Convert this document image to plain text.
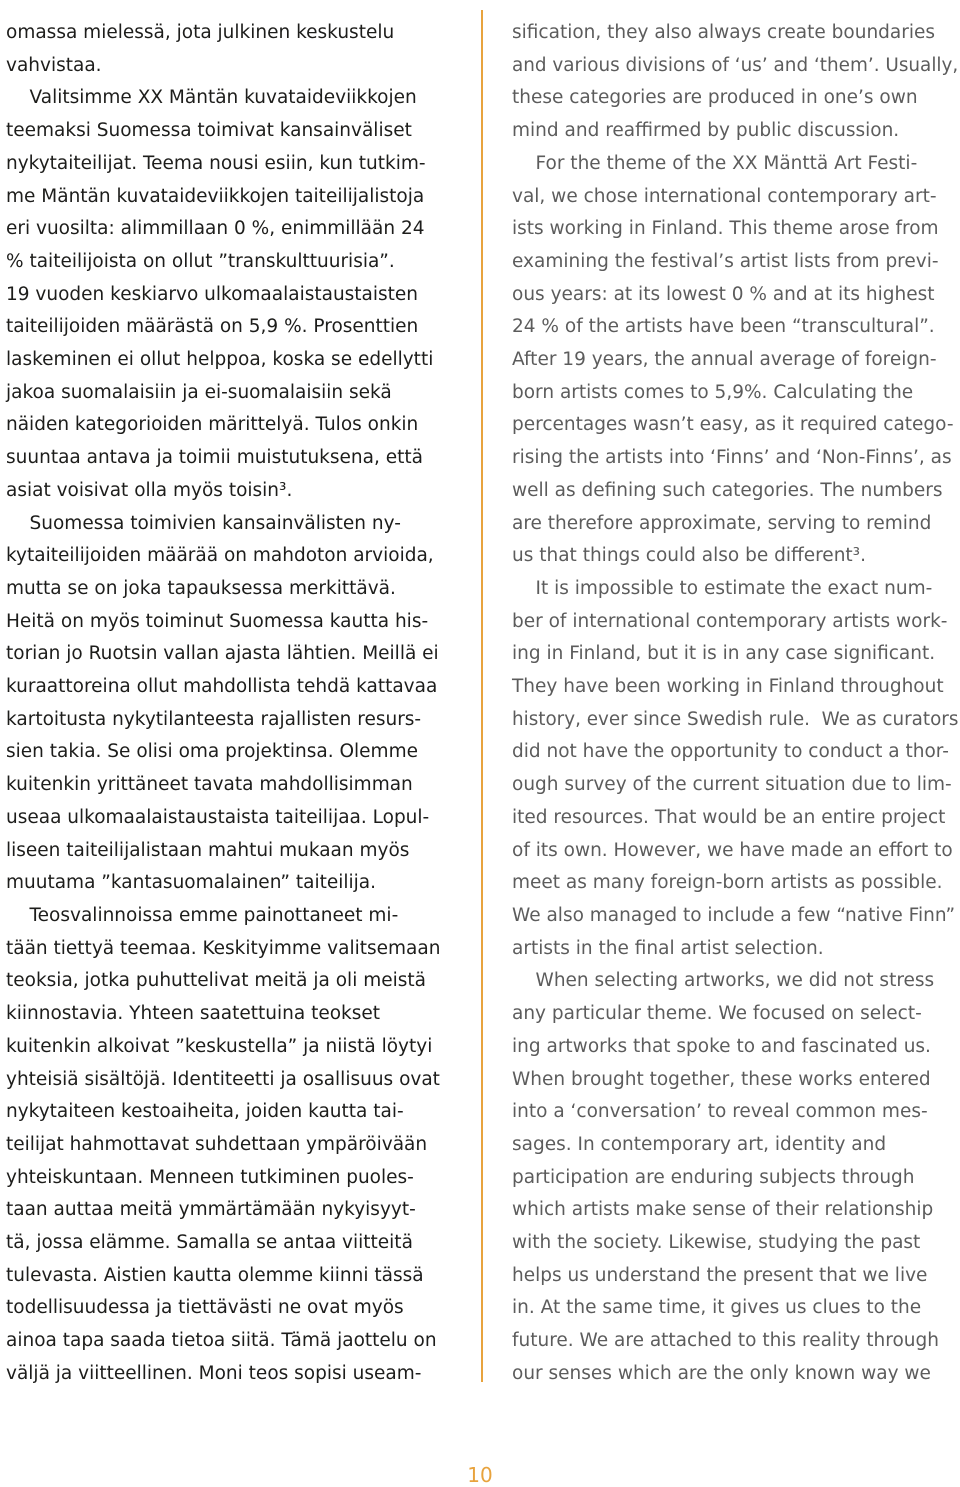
omassa mielessä, jota julkinen keskustelu

vahvistaa.

Valitsimme XX Mäntän kuvataideviikkojen

teemaksi Suomessa toimivat kansainväliset

nykytaiteilijat. Teema nousi esiin, kun tutkim-

me Mäntän kuvataideviikkojen taiteilijalistoja

eri vuosilta: alimmillaan 0 %, enimmillään 24

% taiteilijoista on ollut ”transkulttuurisia”.

19 vuoden keskiarvo ulkomaalaistaustaisten

taiteilijoiden määrästä on 5,9 %. Prosenttien

laskeminen ei ollut helppoa, koska se edellytti

jakoa suomalaisiin ja ei-suomalaisiin sekä

näiden kategorioiden märittelyä. Tulos onkin

suuntaa antava ja toimii muistutuksena, että

asiat voisivat olla myös toisin³.

Suomessa toimivien kansainvälisten ny-

kytaiteilijoiden määrää on mahdoton arvioida,

mutta se on joka tapauksessa merkittävä.

Heitä on myös toiminut Suomessa kautta his-

torian jo Ruotsin vallan ajasta lähtien. Meillä ei

kuraattoreina ollut mahdollista tehdä kattavaa

kartoitusta nykytilanteesta rajallisten resurs-

sien takia. Se olisi oma projektinsa. Olemme

kuitenkin yrittäneet tavata mahdollisimman

useaa ulkomaalaistaustaista taiteilijaa. Lopul-

liseen taiteilijalistaan mahtui mukaan myös

muutama ”kantasuomalainen” taiteilija.

Teosvalinnoissa emme painottaneet mi-

tään tiettyä teemaa. Keskityimme valitsemaan

teoksia, jotka puhuttelivat meitä ja oli meistä

kiinnostavia. Yhteen saatettuina teokset

kuitenkin alkoivat ”keskustella” ja niistä löytyi

yhteisiä sisältöjä. Identiteetti ja osallisuus ovat

nykytaiteen kestoaiheita, joiden kautta tai-

teilijat hahmottavat suhdettaan ympäröivään

yhteiskuntaan. Menneen tutkiminen puoles-

taan auttaa meitä ymmärtämään nykyisyyt-

tä, jossa elämme. Samalla se antaa viitteitä

tulevasta. Aistien kautta olemme kiinni tässä

todellisuudessa ja tiettävästi ne ovat myös

ainoa tapa saada tietoa siitä. Tämä jaottelu on

väljä ja viitteellinen. Moni teos sopisi useam-

sification, they also always create boundaries

and various divisions of ‘us’ and ‘them’. Usually,

these categories are produced in one’s own

mind and reaffirmed by public discussion.

For the theme of the XX Mänttä Art Festi-

val, we chose international contemporary art-

ists working in Finland. This theme arose from

examining the festival’s artist lists from previ-

ous years: at its lowest 0 % and at its highest

24 % of the artists have been “transcultural”.

After 19 years, the annual average of foreign-

born artists comes to 5,9%. Calculating the

percentages wasn’t easy, as it required catego-

rising the artists into ‘Finns’ and ‘Non-Finns’, as

well as defining such categories. The numbers

are therefore approximate, serving to remind

us that things could also be different³.

It is impossible to estimate the exact num-

ber of international contemporary artists work-

ing in Finland, but it is in any case significant.

They have been working in Finland throughout

history, ever since Swedish rule.  We as curators

did not have the opportunity to conduct a thor-

ough survey of the current situation due to lim-

ited resources. That would be an entire project

of its own. However, we have made an effort to

meet as many foreign-born artists as possible.

We also managed to include a few “native Finn”

artists in the final artist selection.

When selecting artworks, we did not stress

any particular theme. We focused on select-

ing artworks that spoke to and fascinated us.

When brought together, these works entered

into a ‘conversation’ to reveal common mes-

sages. In contemporary art, identity and

participation are enduring subjects through

which artists make sense of their relationship

with the society. Likewise, studying the past

helps us understand the present that we live

in. At the same time, it gives us clues to the

future. We are attached to this reality through

our senses which are the only known way we

10
